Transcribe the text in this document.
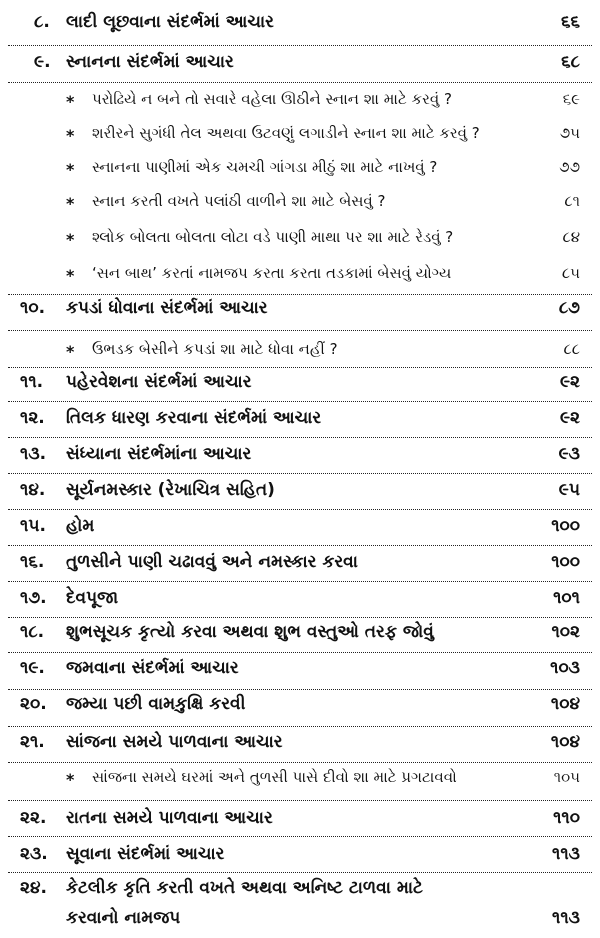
૮. લાદી લૂછવાના સંદર્ભમાં આચાર	૬૬
૯. સ્નાનના સંદર્ભમાં આચાર	૬૮
* પરોઢિયે ન બને તો સવારે વહેલા ઊઠીને સ્નાન શા માટે કરવું ?	૬૯
* શરીરને સુગંધી તેલ અથવા ઉટવણું લગાડીને સ્નાન શા માટે કરવું ?	૭૫
* સ્નાનના પાણીમાં એક ચમચી ગાંગડા મીઠું શા માટે નાખવું ?	૭૭
* સ્નાન કરતી વખતે પલાંઠી વાળીને શા માટે બેસવું ?	૮૧
* શ્લોક બોલતા બોલતા લોટા વડે પાણી માથા પર શા માટે રેડવું ?	૮૪
* ‘સન બાથ’ કરતાં નામજપ કરતા કરતા તડકામાં બેસવું યોગ્ય	૮૫
૧૦. કપડાં ધોવાના સંદર્ભમાં આચાર	૮૭
* ઉભડક બેસીને કપડાં શા માટે ધોવા નહીં ?	૮૮
૧૧. પહેરવેશના સંદર્ભમાં આચાર	૯૨
૧૨. તિલક ધારણ કરવાના સંદર્ભમાં આચાર	૯૨
૧૩. સંધ્યાના સંદર્ભમાંના આચાર	૯૩
૧૪. સૂર્યનમસ્કાર (રેખાચિત્ર સહિત)	૯૫
૧૫. હોમ	૧૦૦
૧૬. તુળસીને પાણી ચઢાવવું અને નમસ્કાર કરવા	૧૦૦
૧૭. દેવપૂજા	૧૦૧
૧૮. શુભસૂચક કૃત્યો કરવા અથવા શુભ વસ્તુઓ તરફ જોવું	૧૦૨
૧૯. જમવાના સંદર્ભમાં આચાર	૧૦૩
૨૦. જમ્યા પછી વામકુક્ષિ કરવી	૧૦૪
૨૧. સાંજના સમયે પાળવાના આચાર	૧૦૪
* સાંજના સમયે ઘરમાં અને તુળસી પાસે દીવો શા માટે પ્રગટાવવો	૧૦૫
૨૨. રાતના સમયે પાળવાના આચાર	૧૧૦
૨૩. સૂવાના સંદર્ભમાં આચાર	૧૧૩
૨૪. કેટલીક કૃતિ કરતી વખતે અથવા અનિષ્ટ ટાળવા માટે
કરવાનો નામજપ	૧૧૩
